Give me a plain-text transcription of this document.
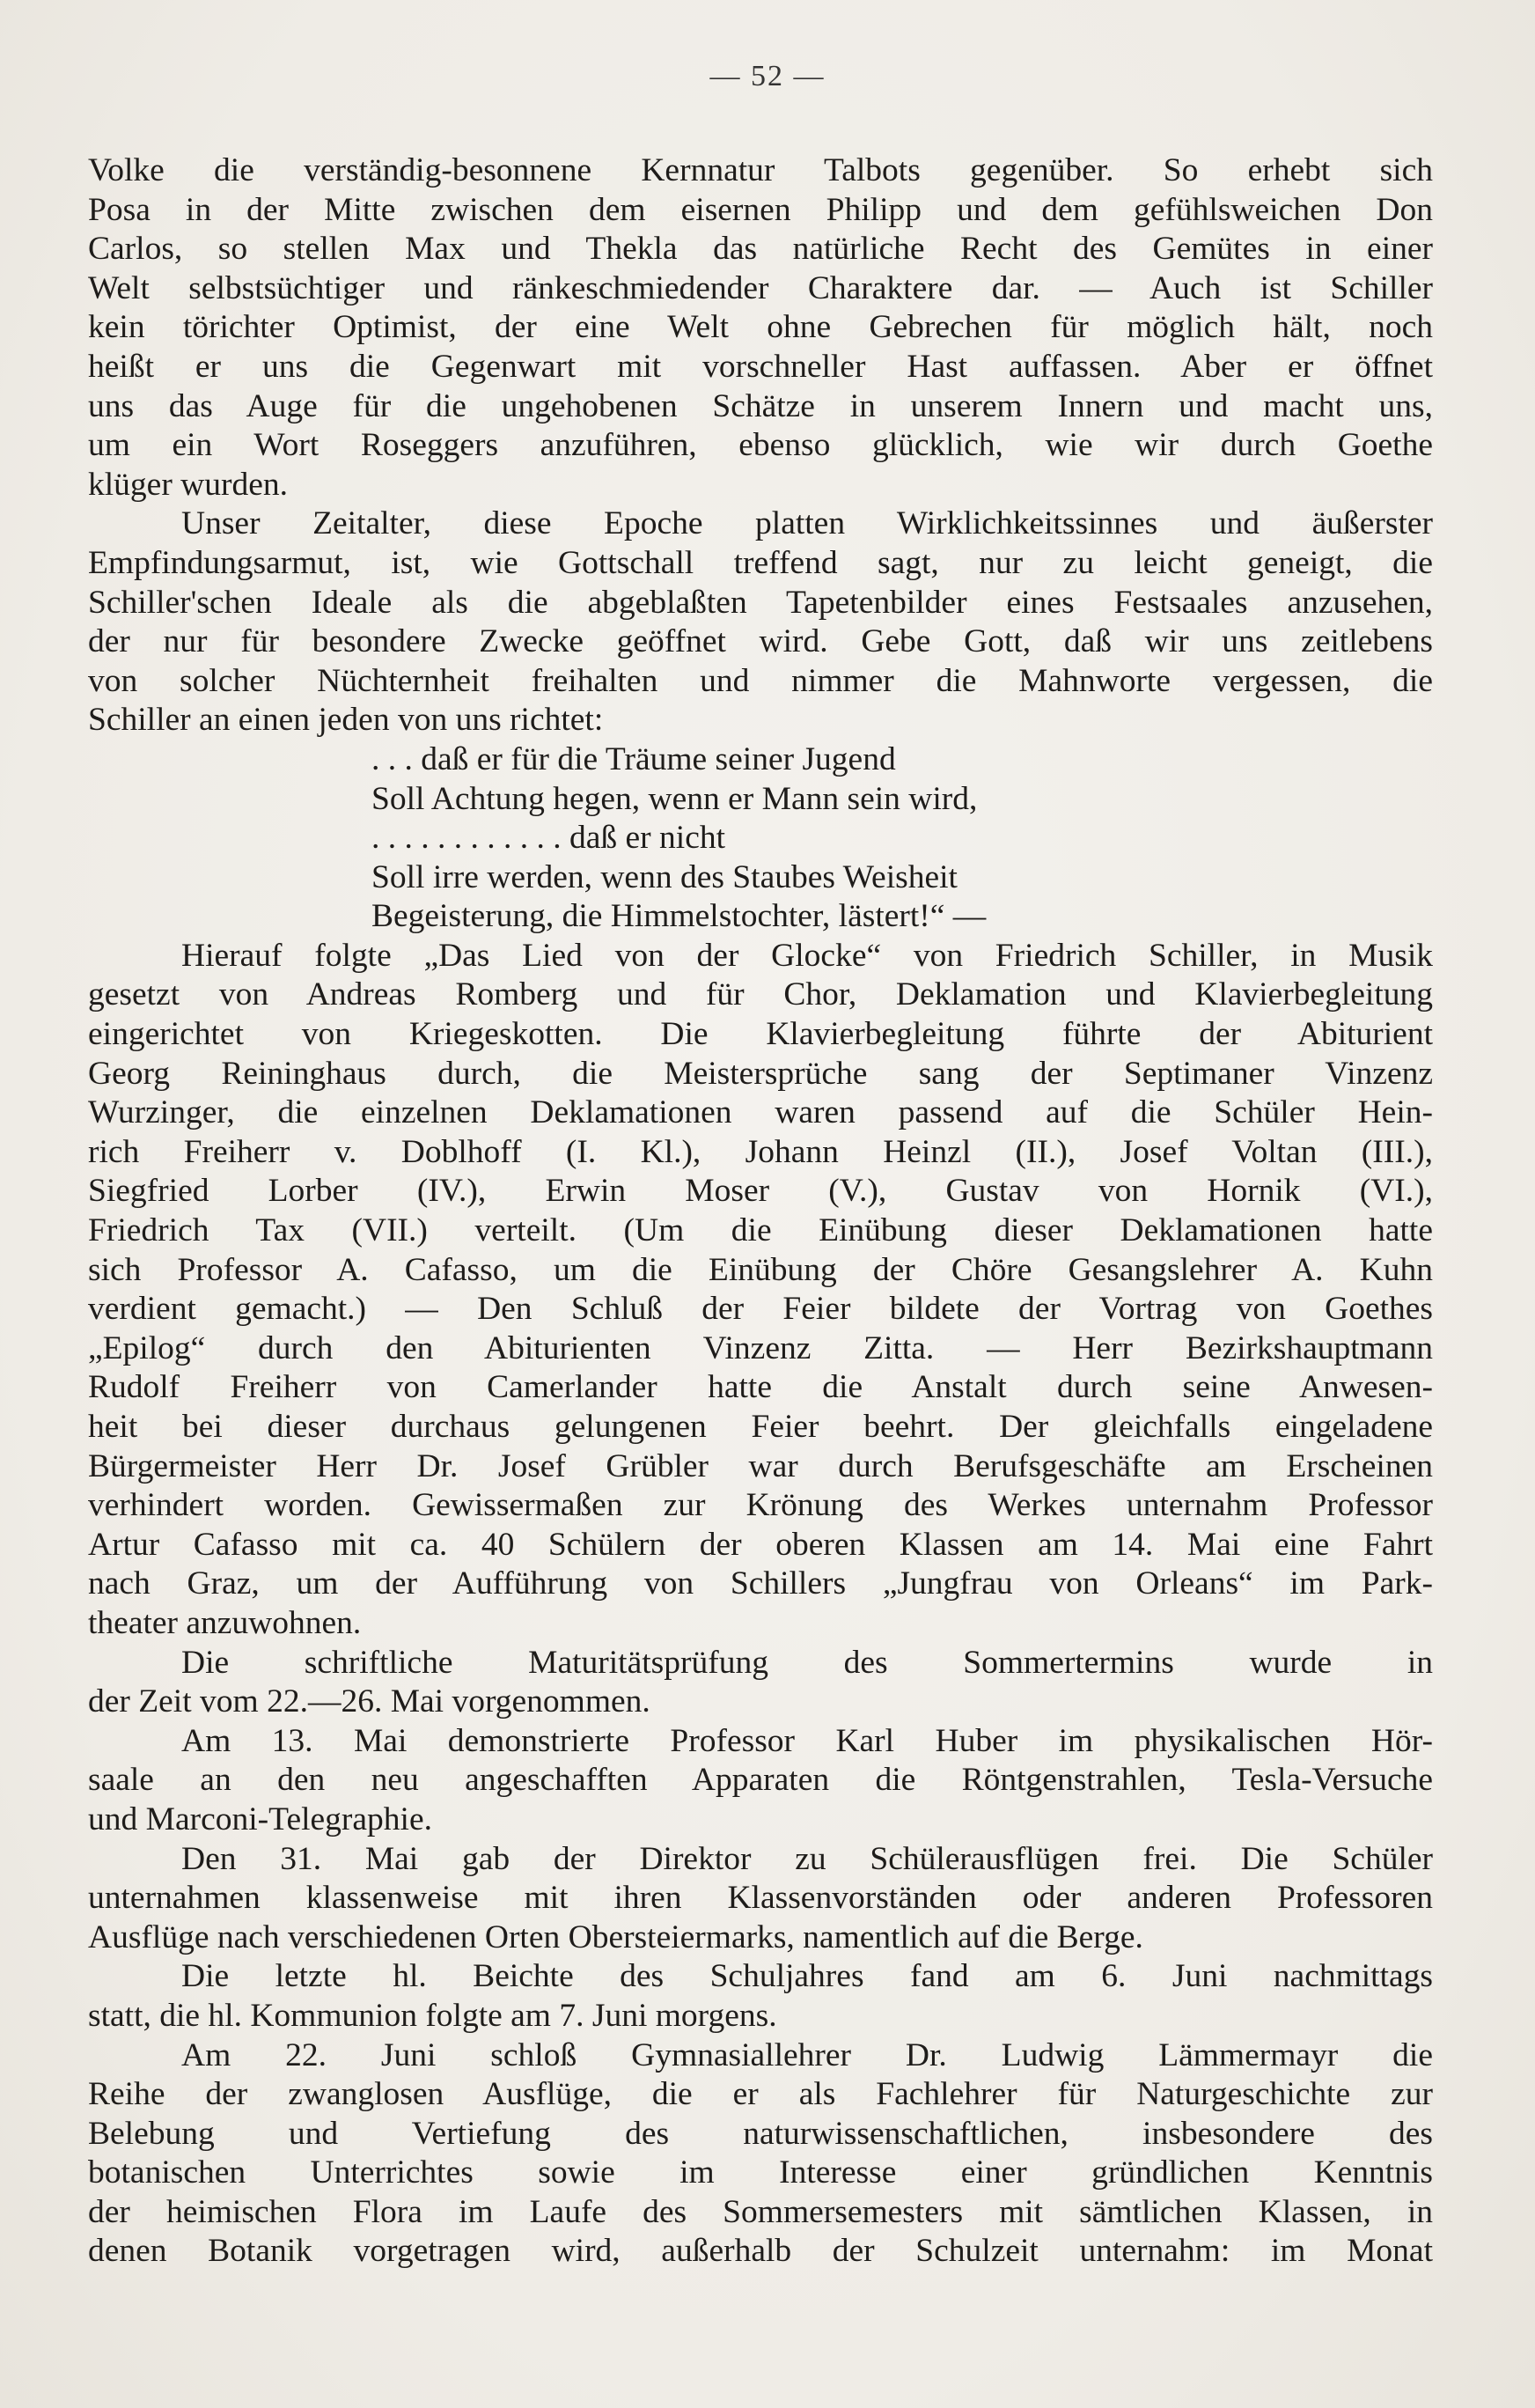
— 52 —
Volke die verständig-besonnene Kernnatur Talbots gegenüber. So erhebt sich
Posa in der Mitte zwischen dem eisernen Philipp und dem gefühlsweichen Don
Carlos, so stellen Max und Thekla das natürliche Recht des Gemütes in einer
Welt selbstsüchtiger und ränkeschmiedender Charaktere dar. — Auch ist Schiller
kein törichter Optimist, der eine Welt ohne Gebrechen für möglich hält, noch
heißt er uns die Gegenwart mit vorschneller Hast auffassen. Aber er öffnet
uns das Auge für die ungehobenen Schätze in unserem Innern und macht uns,
um ein Wort Roseggers anzuführen, ebenso glücklich, wie wir durch Goethe
klüger wurden.
Unser Zeitalter, diese Epoche platten Wirklichkeitssinnes und äußerster
Empfindungsarmut, ist, wie Gottschall treffend sagt, nur zu leicht geneigt, die
Schiller'schen Ideale als die abgeblaßten Tapetenbilder eines Festsaales anzusehen,
der nur für besondere Zwecke geöffnet wird. Gebe Gott, daß wir uns zeitlebens
von solcher Nüchternheit freihalten und nimmer die Mahnworte vergessen, die
Schiller an einen jeden von uns richtet:
. . . daß er für die Träume seiner Jugend
Soll Achtung hegen, wenn er Mann sein wird,
. . . . . . . . . . . . daß er nicht
Soll irre werden, wenn des Staubes Weisheit
Begeisterung, die Himmelstochter, lästert!“ —
Hierauf folgte „Das Lied von der Glocke“ von Friedrich Schiller, in Musik
gesetzt von Andreas Romberg und für Chor, Deklamation und Klavierbegleitung
eingerichtet von Kriegeskotten. Die Klavierbegleitung führte der Abiturient
Georg Reininghaus durch, die Meistersprüche sang der Septimaner Vinzenz
Wurzinger, die einzelnen Deklamationen waren passend auf die Schüler Hein-
rich Freiherr v. Doblhoff (I. Kl.), Johann Heinzl (II.), Josef Voltan (III.),
Siegfried Lorber (IV.), Erwin Moser (V.), Gustav von Hornik (VI.),
Friedrich Tax (VII.) verteilt. (Um die Einübung dieser Deklamationen hatte
sich Professor A. Cafasso, um die Einübung der Chöre Gesangslehrer A. Kuhn
verdient gemacht.) — Den Schluß der Feier bildete der Vortrag von Goethes
„Epilog“ durch den Abiturienten Vinzenz Zitta. — Herr Bezirkshauptmann
Rudolf Freiherr von Camerlander hatte die Anstalt durch seine Anwesen-
heit bei dieser durchaus gelungenen Feier beehrt. Der gleichfalls eingeladene
Bürgermeister Herr Dr. Josef Grübler war durch Berufsgeschäfte am Erscheinen
verhindert worden. Gewissermaßen zur Krönung des Werkes unternahm Professor
Artur Cafasso mit ca. 40 Schülern der oberen Klassen am 14. Mai eine Fahrt
nach Graz, um der Aufführung von Schillers „Jungfrau von Orleans“ im Park-
theater anzuwohnen.
Die schriftliche Maturitätsprüfung des Sommertermins wurde in
der Zeit vom 22.—26. Mai vorgenommen.
Am 13. Mai demonstrierte Professor Karl Huber im physikalischen Hör-
saale an den neu angeschafften Apparaten die Röntgenstrahlen, Tesla-Versuche
und Marconi-Telegraphie.
Den 31. Mai gab der Direktor zu Schülerausflügen frei. Die Schüler
unternahmen klassenweise mit ihren Klassenvorständen oder anderen Professoren
Ausflüge nach verschiedenen Orten Obersteiermarks, namentlich auf die Berge.
Die letzte hl. Beichte des Schuljahres fand am 6. Juni nachmittags
statt, die hl. Kommunion folgte am 7. Juni morgens.
Am 22. Juni schloß Gymnasiallehrer Dr. Ludwig Lämmermayr die
Reihe der zwanglosen Ausflüge, die er als Fachlehrer für Naturgeschichte zur
Belebung und Vertiefung des naturwissenschaftlichen, insbesondere des
botanischen Unterrichtes sowie im Interesse einer gründlichen Kenntnis
der heimischen Flora im Laufe des Sommersemesters mit sämtlichen Klassen, in
denen Botanik vorgetragen wird, außerhalb der Schulzeit unternahm: im Monat
